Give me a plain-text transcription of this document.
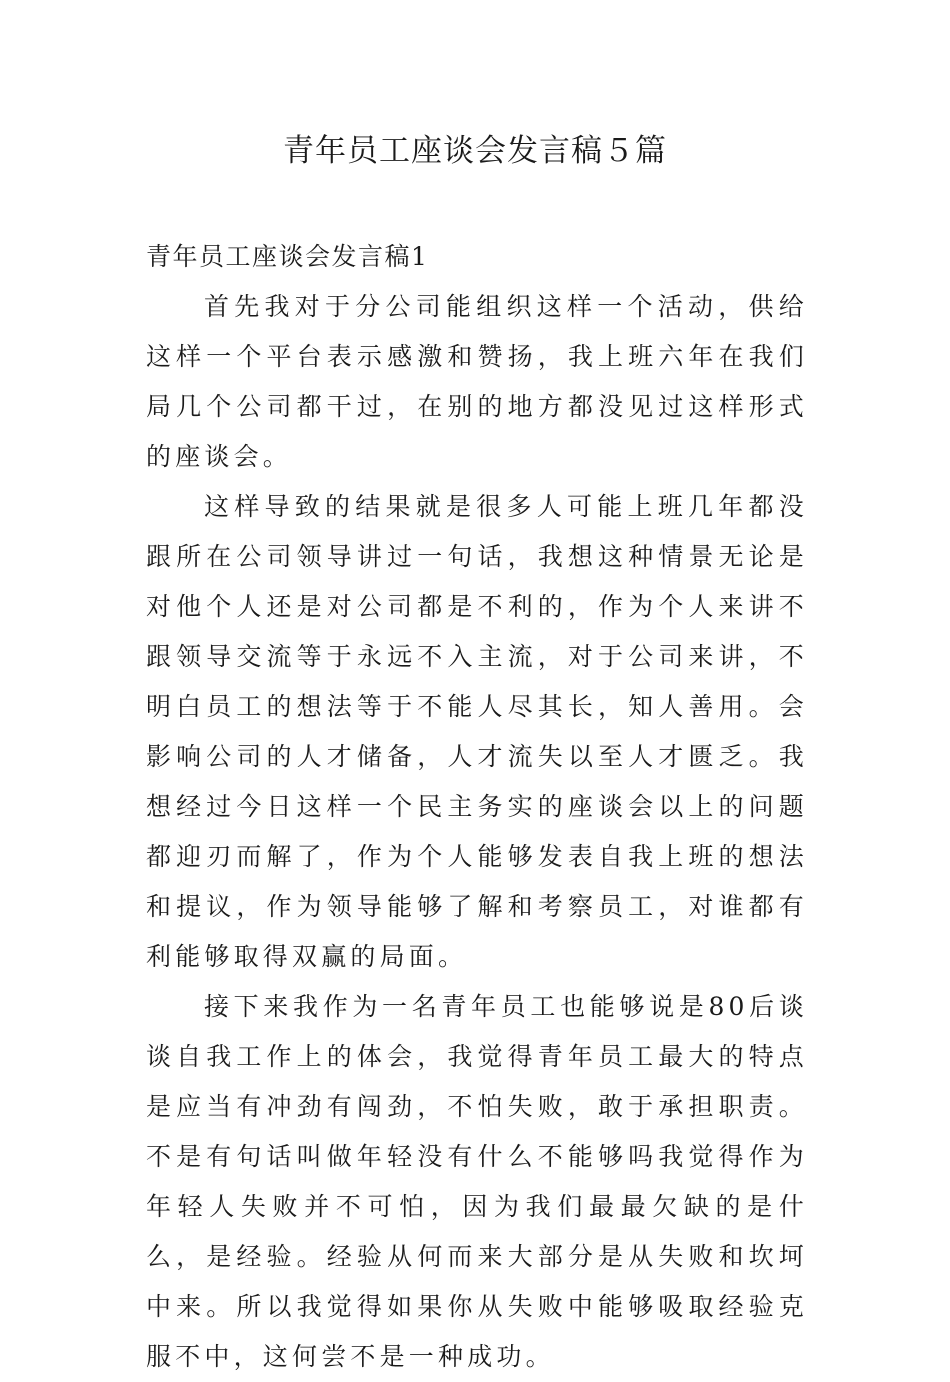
青年员工座谈会发言稿５篇
青年员工座谈会发言稿1

首先我对于分公司能组织这样一个活动，供给这样一个平台表示感激和赞扬，我上班六年在我们局几个公司都干过，在别的地方都没见过这样形式的座谈会。

这样导致的结果就是很多人可能上班几年都没跟所在公司领导讲过一句话，我想这种情景无论是对他个人还是对公司都是不利的，作为个人来讲不跟领导交流等于永远不入主流，对于公司来讲，不明白员工的想法等于不能人尽其长，知人善用。会影响公司的人才储备，人才流失以至人才匮乏。我想经过今日这样一个民主务实的座谈会以上的问题都迎刃而解了，作为个人能够发表自我上班的想法和提议，作为领导能够了解和考察员工，对谁都有利能够取得双赢的局面。

接下来我作为一名青年员工也能够说是80后谈谈自我工作上的体会，我觉得青年员工最大的特点是应当有冲劲有闯劲，不怕失败，敢于承担职责。不是有句话叫做年轻没有什么不能够吗我觉得作为年轻人失败并不可怕，因为我们最最欠缺的是什么，是经验。经验从何而来大部分是从失败和坎坷中来。所以我觉得如果你从失败中能够吸取经验克服不中，这何尝不是一种成功。
